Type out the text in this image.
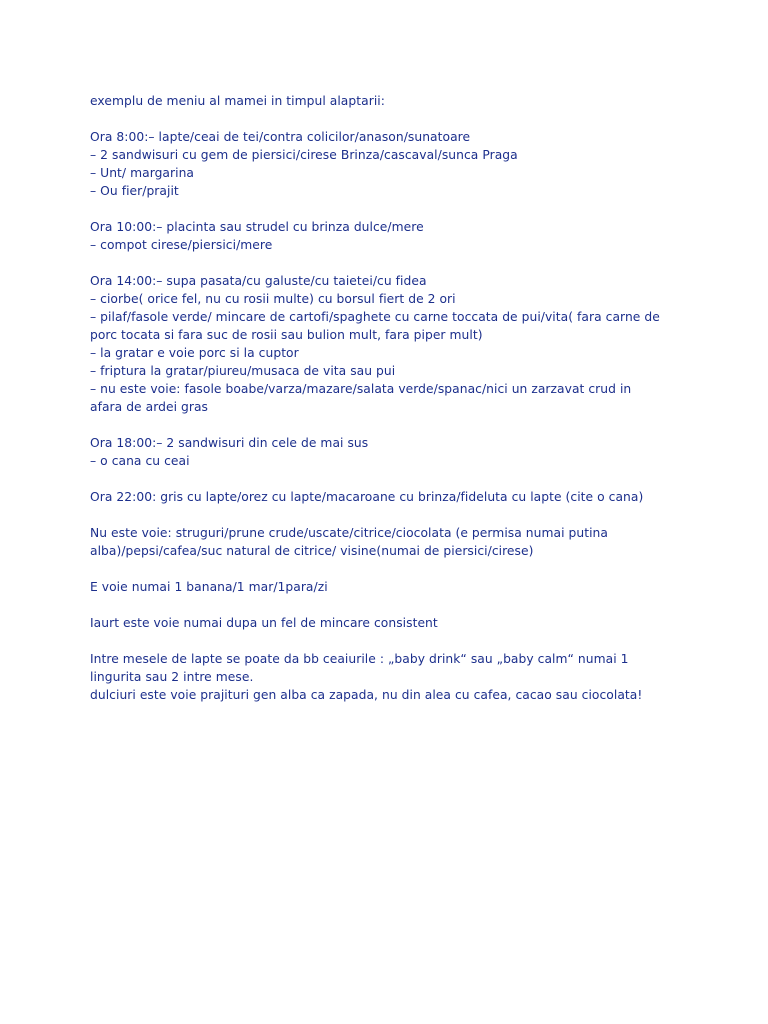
exemplu de meniu al mamei in timpul alaptarii:
Ora 8:00:– lapte/ceai de tei/contra colicilor/anason/sunatoare
– 2 sandwisuri cu gem de piersici/cirese Brinza/cascaval/sunca Praga
– Unt/ margarina
– Ou fier/prajit
Ora 10:00:– placinta sau strudel cu brinza dulce/mere
– compot cirese/piersici/mere
Ora 14:00:– supa pasata/cu galuste/cu taietei/cu fidea
– ciorbe( orice fel, nu cu rosii multe) cu borsul fiert de 2 ori
– pilaf/fasole verde/ mincare de cartofi/spaghete cu carne toccata de pui/vita( fara carne de
porc tocata si fara suc de rosii sau bulion mult, fara piper mult)
– la gratar e voie porc si la cuptor
– friptura la gratar/piureu/musaca de vita sau pui
– nu este voie: fasole boabe/varza/mazare/salata verde/spanac/nici un zarzavat crud in
afara de ardei gras
Ora 18:00:– 2 sandwisuri din cele de mai sus
– o cana cu ceai
Ora 22:00: gris cu lapte/orez cu lapte/macaroane cu brinza/fideluta cu lapte (cite o cana)
Nu este voie: struguri/prune crude/uscate/citrice/ciocolata (e permisa numai putina
alba)/pepsi/cafea/suc natural de citrice/ visine(numai de piersici/cirese)
E voie numai 1 banana/1 mar/1para/zi
Iaurt este voie numai dupa un fel de mincare consistent
Intre mesele de lapte se poate da bb ceaiurile : „baby drink“ sau „baby calm“ numai 1
lingurita sau 2 intre mese.
dulciuri este voie prajituri gen alba ca zapada, nu din alea cu cafea, cacao sau ciocolata!
